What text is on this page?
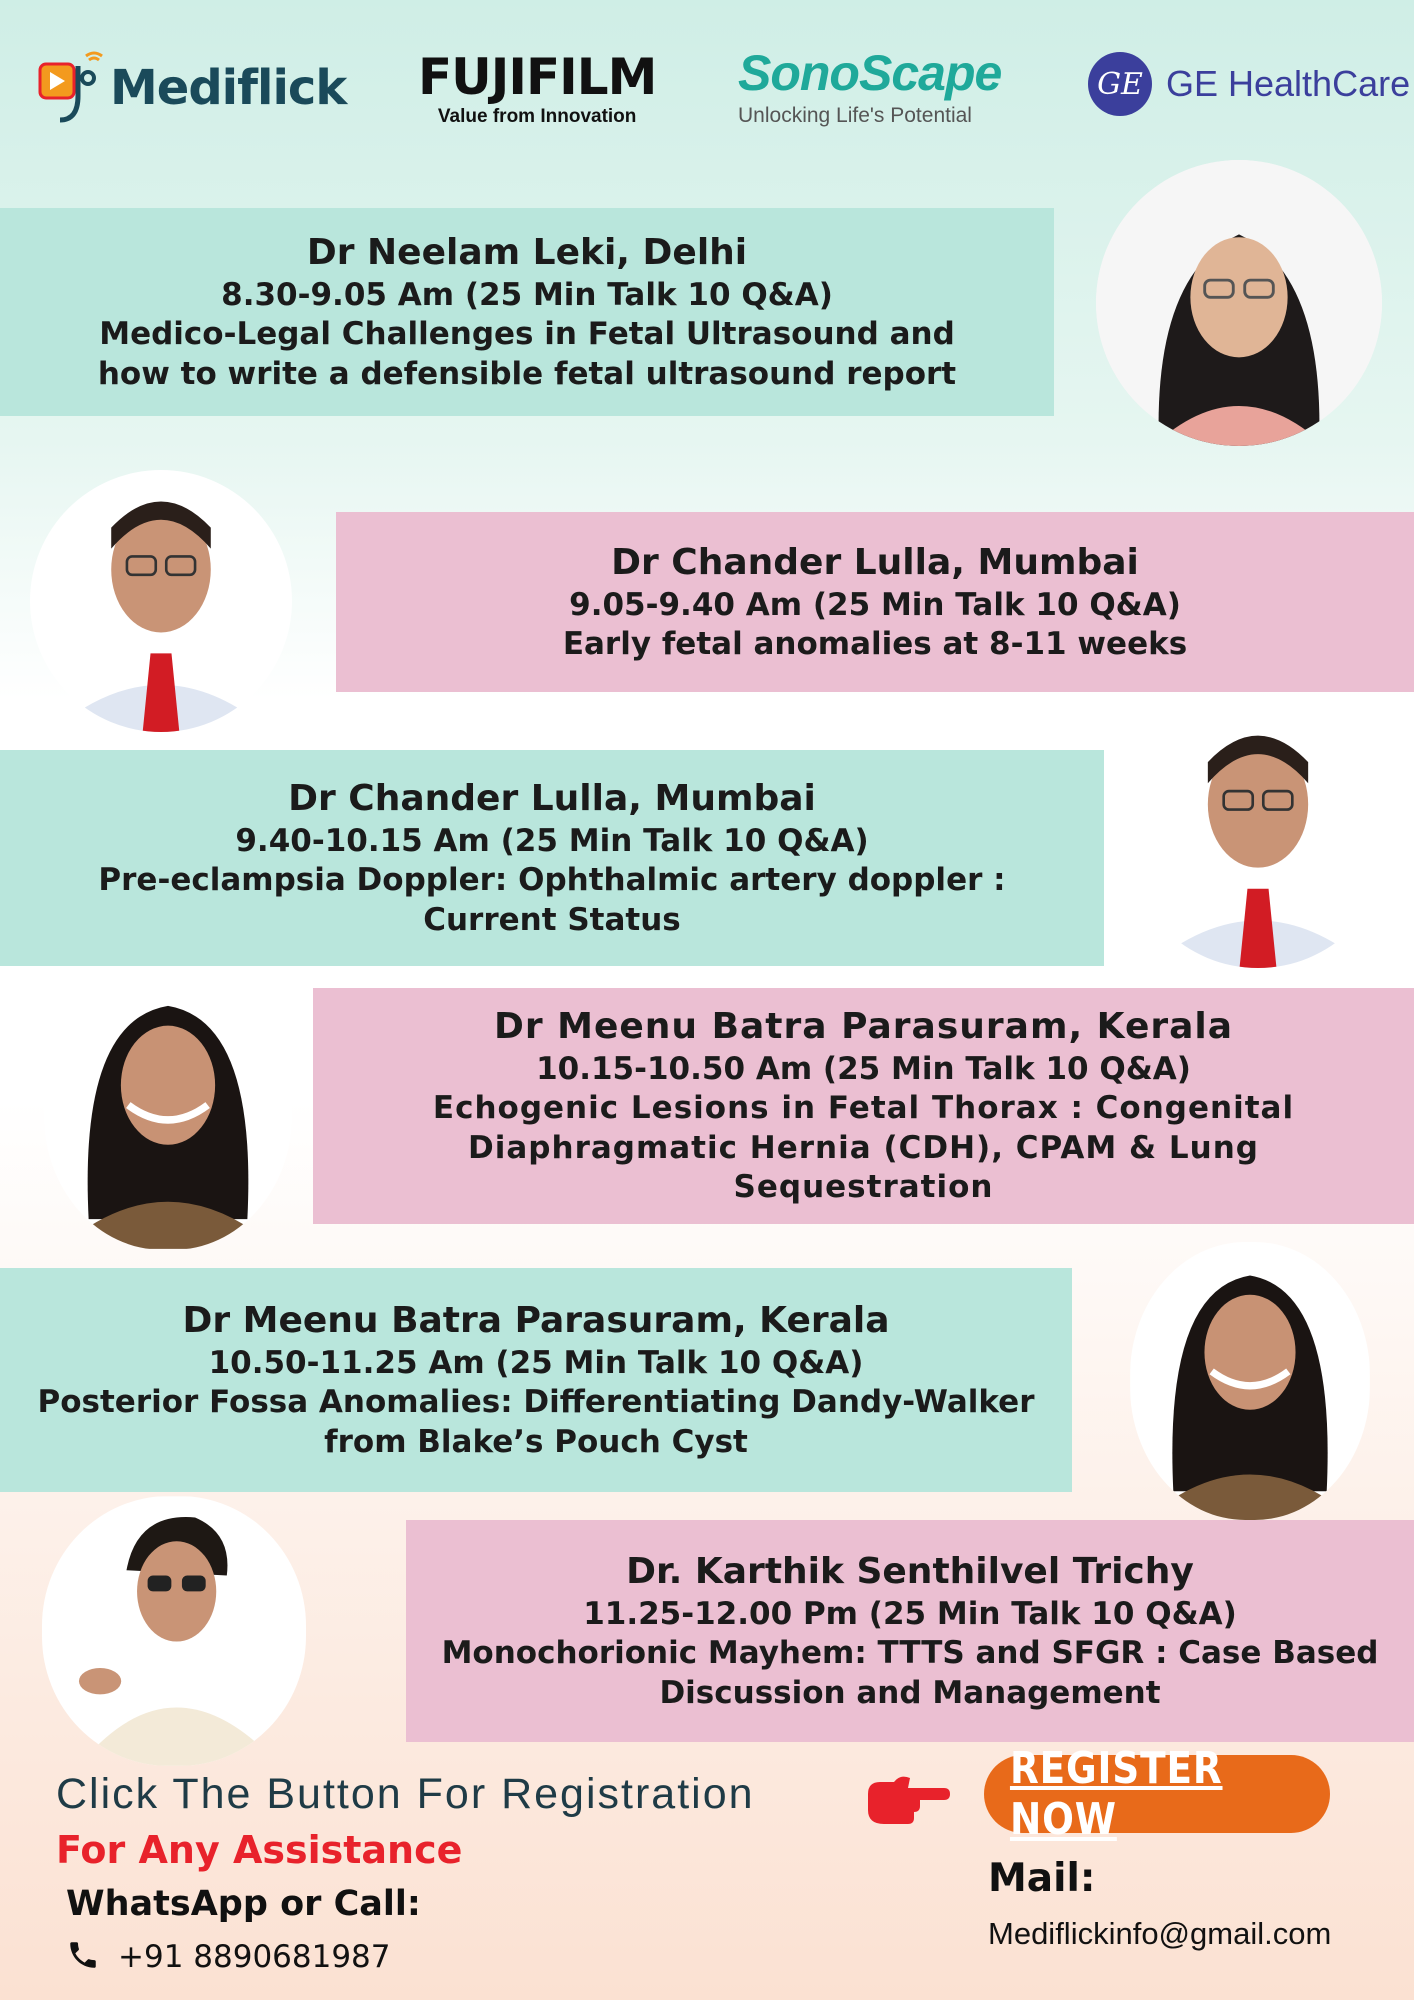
Mediflick FUJIFILM
Value from Innovation
SonoScape
Unlocking Life's Potential
GE GE HealthCare
Dr Neelam Leki, Delhi
8.30-9.05 Am (25 Min Talk 10 Q&A)
Medico-Legal Challenges in Fetal Ultrasound and
how to write a defensible fetal ultrasound report
Dr Chander Lulla, Mumbai
9.05-9.40 Am (25 Min Talk 10 Q&A)
Early fetal anomalies at 8-11 weeks
Dr Chander Lulla, Mumbai
9.40-10.15 Am (25 Min Talk 10 Q&A)
Pre-eclampsia Doppler: Ophthalmic artery doppler :
Current Status
Dr Meenu Batra Parasuram, Kerala
10.15-10.50 Am (25 Min Talk 10 Q&A)
Echogenic Lesions in Fetal Thorax : Congenital
Diaphragmatic Hernia (CDH), CPAM & Lung
Sequestration
Dr Meenu Batra Parasuram, Kerala
10.50-11.25 Am (25 Min Talk 10 Q&A)
Posterior Fossa Anomalies: Differentiating Dandy-Walker
from Blake’s Pouch Cyst
Dr. Karthik Senthilvel Trichy
11.25-12.00 Pm (25 Min Talk 10 Q&A)
Monochorionic Mayhem: TTTS and SFGR : Case Based
Discussion and Management
Click The Button For Registration
For Any Assistance
WhatsApp or Call:
+91 8890681987
REGISTER NOW
Mail:
Mediflickinfo@gmail.com
